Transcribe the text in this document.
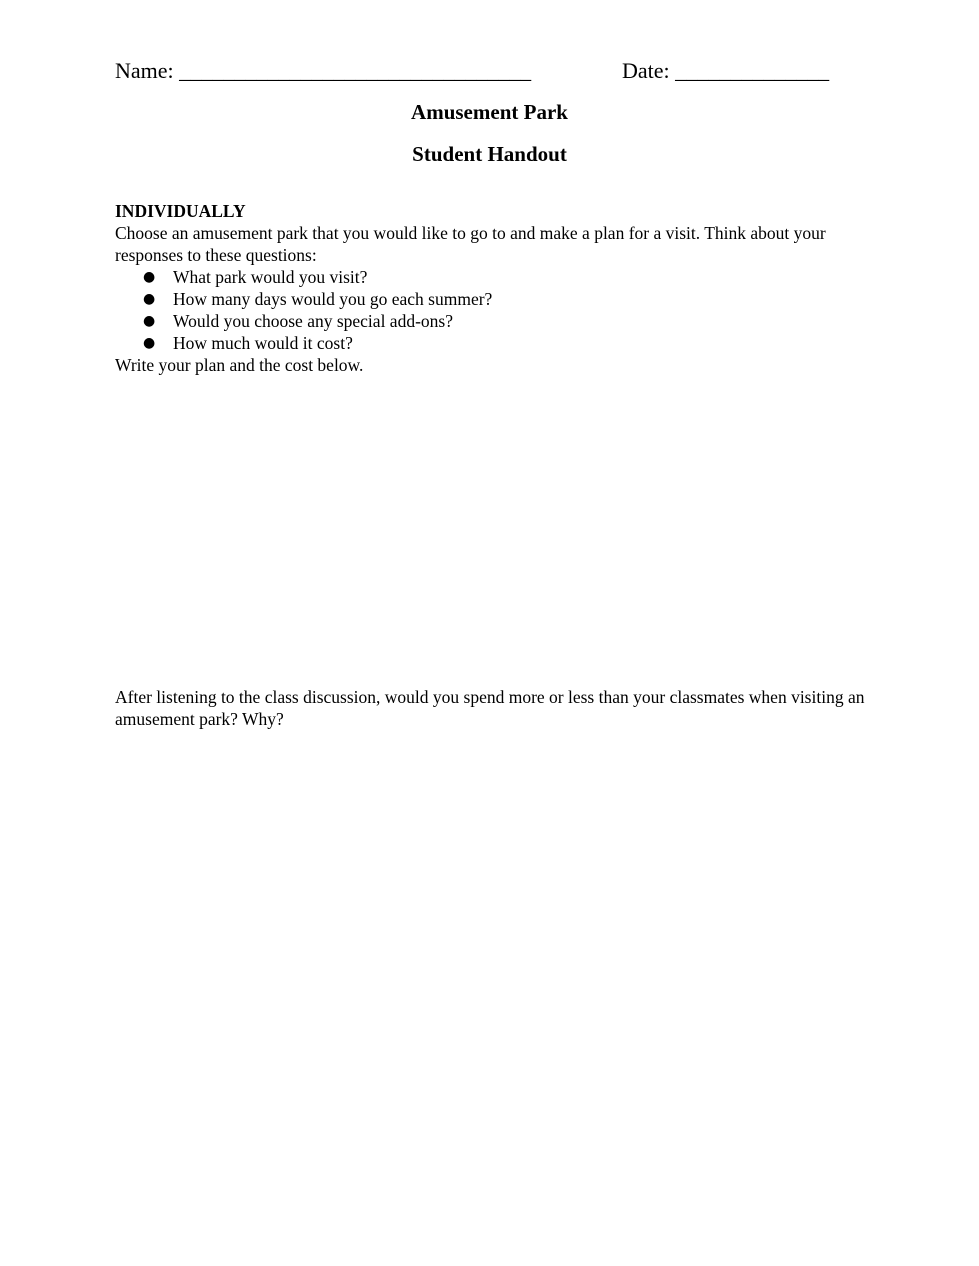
Name: ________________________________	Date: ______________
Amusement Park
Student Handout
INDIVIDUALLY
Choose an amusement park that you would like to go to and make a plan for a visit. Think about your responses to these questions:
● What park would you visit?
● How many days would you go each summer?
● Would you choose any special add-ons?
● How much would it cost?
Write your plan and the cost below.
After listening to the class discussion, would you spend more or less than your classmates when visiting an amusement park? Why?
